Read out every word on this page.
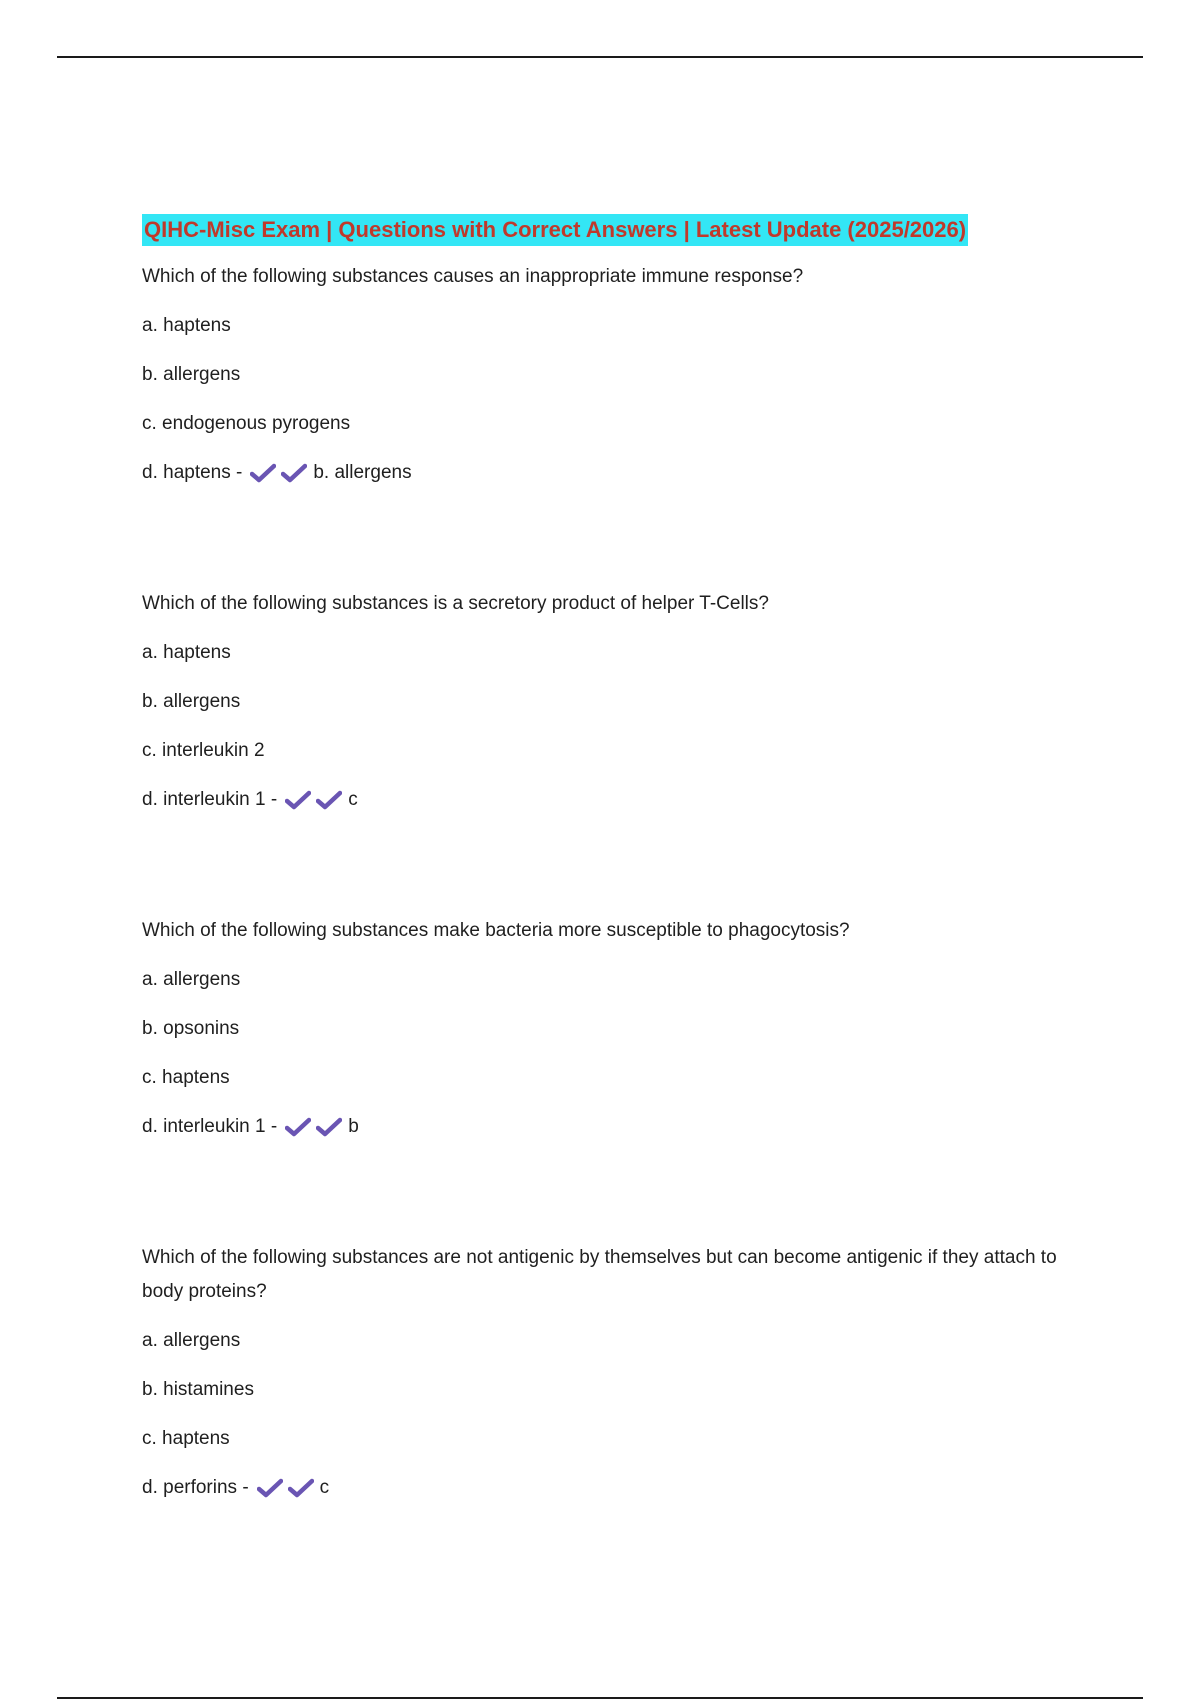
QIHC-Misc Exam | Questions with Correct Answers | Latest Update (2025/2026)
Which of the following substances causes an inappropriate immune response?
a. haptens
b. allergens
c. endogenous pyrogens
d. haptens -	b. allergens
Which of the following substances is a secretory product of helper T-Cells?
a. haptens
b. allergens
c. interleukin 2
d. interleukin 1 -	c
Which of the following substances make bacteria more susceptible to phagocytosis?
a. allergens
b. opsonins
c. haptens
d. interleukin 1 -	b
Which of the following substances are not antigenic by themselves but can become antigenic if they attach to body proteins?
a. allergens
b. histamines
c. haptens
d. perforins -	c
